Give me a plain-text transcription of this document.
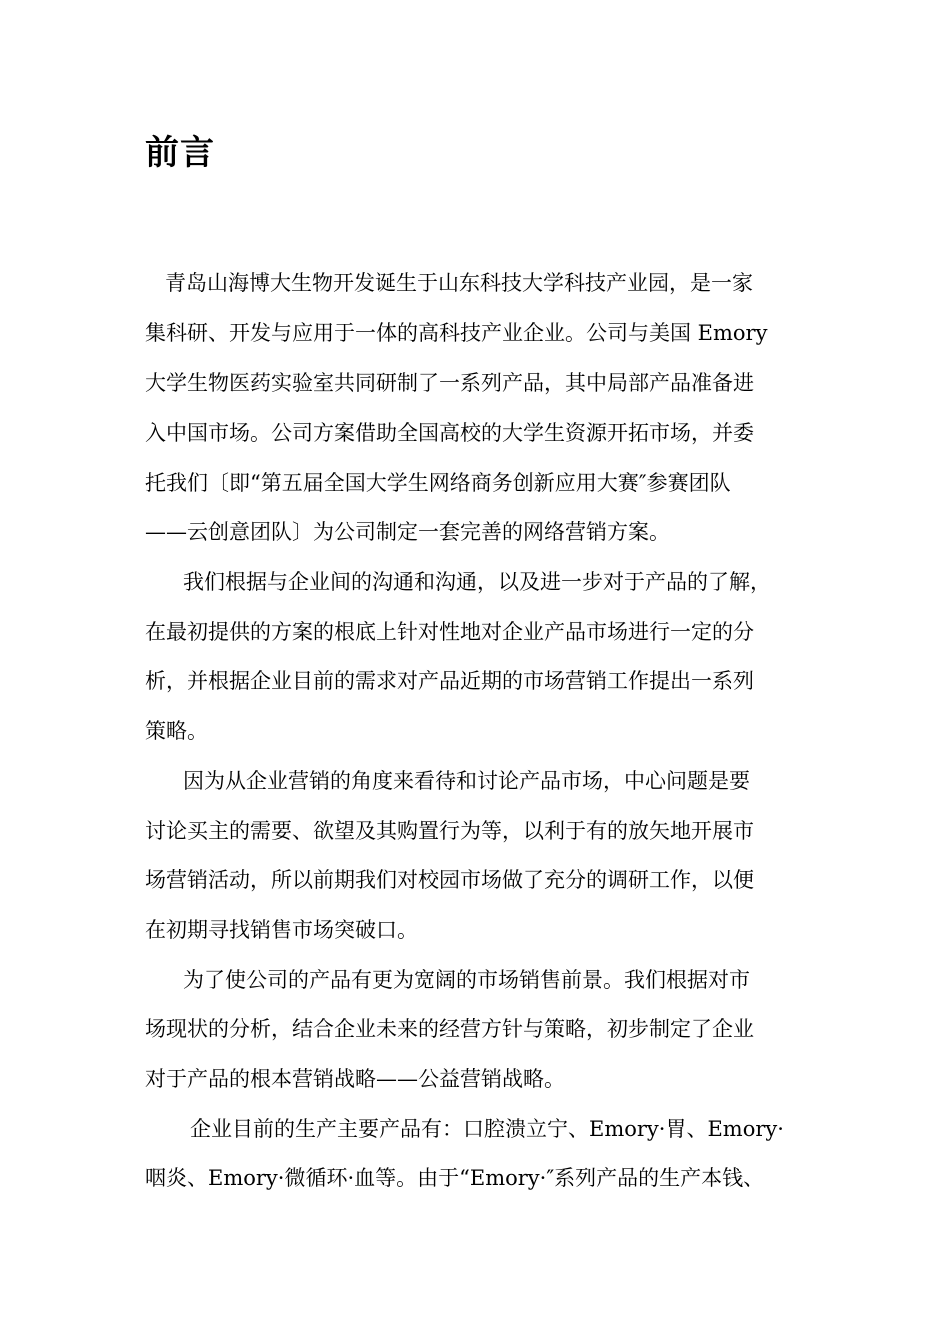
前言

青岛山海博大生物开发诞生于山东科技大学科技产业园，是一家

集科研、开发与应用于一体的高科技产业企业。公司与美国 Emory

大学生物医药实验室共同研制了一系列产品，其中局部产品准备进

入中国市场。公司方案借助全国高校的大学生资源开拓市场，并委

托我们〔即“第五届全国大学生网络商务创新应用大赛″参赛团队

——云创意团队〕为公司制定一套完善的网络营销方案。

我们根据与企业间的沟通和沟通，以及进一步对于产品的了解，

在最初提供的方案的根底上针对性地对企业产品市场进行一定的分

析，并根据企业目前的需求对产品近期的市场营销工作提出一系列

策略。

因为从企业营销的角度来看待和讨论产品市场，中心问题是要

讨论买主的需要、欲望及其购置行为等，以利于有的放矢地开展市

场营销活动，所以前期我们对校园市场做了充分的调研工作，以便

在初期寻找销售市场突破口。

为了使公司的产品有更为宽阔的市场销售前景。我们根据对市

场现状的分析，结合企业未来的经营方针与策略，初步制定了企业

对于产品的根本营销战略——公益营销战略。

企业目前的生产主要产品有：口腔溃立宁、Emory·胃、Emory·

咽炎、Emory·微循环·血等。由于“Emory·″系列产品的生产本钱、
